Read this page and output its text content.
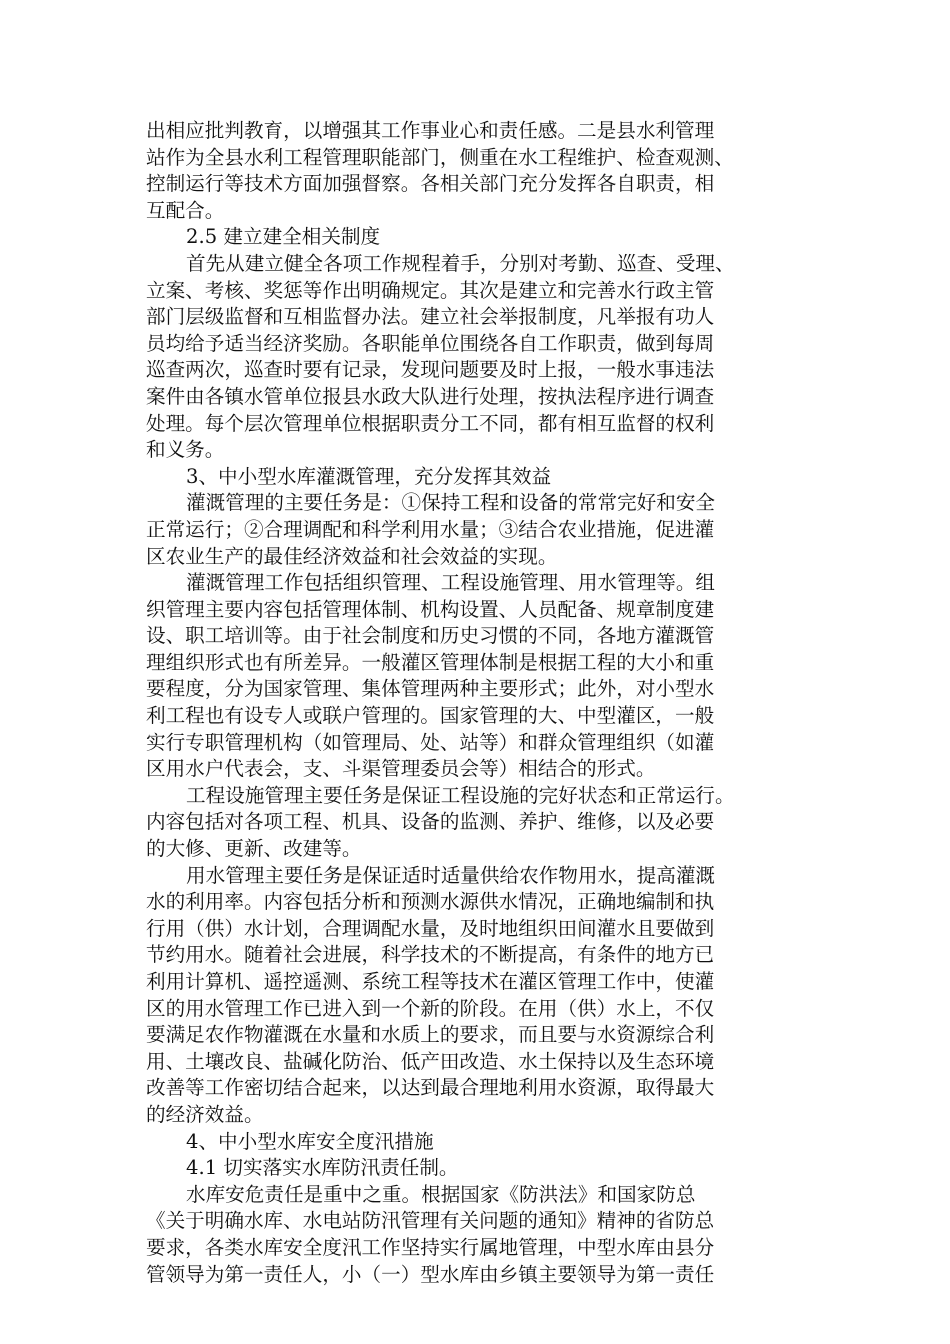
出相应批判教育，以增强其工作事业心和责任感。二是县水利管理
站作为全县水利工程管理职能部门，侧重在水工程维护、检查观测、
控制运行等技术方面加强督察。各相关部门充分发挥各自职责，相
互配合。
2.5 建立建全相关制度
首先从建立健全各项工作规程着手，分别对考勤、巡查、受理、
立案、考核、奖惩等作出明确规定。其次是建立和完善水行政主管
部门层级监督和互相监督办法。建立社会举报制度，凡举报有功人
员均给予适当经济奖励。各职能单位围绕各自工作职责，做到每周
巡查两次，巡查时要有记录，发现问题要及时上报，一般水事违法
案件由各镇水管单位报县水政大队进行处理，按执法程序进行调查
处理。每个层次管理单位根据职责分工不同，都有相互监督的权利
和义务。
3、中小型水库灌溉管理，充分发挥其效益
灌溉管理的主要任务是：①保持工程和设备的常常完好和安全
正常运行；②合理调配和科学利用水量；③结合农业措施，促进灌
区农业生产的最佳经济效益和社会效益的实现。
灌溉管理工作包括组织管理、工程设施管理、用水管理等。组
织管理主要内容包括管理体制、机构设置、人员配备、规章制度建
设、职工培训等。由于社会制度和历史习惯的不同，各地方灌溉管
理组织形式也有所差异。一般灌区管理体制是根据工程的大小和重
要程度，分为国家管理、集体管理两种主要形式；此外，对小型水
利工程也有设专人或联户管理的。国家管理的大、中型灌区，一般
实行专职管理机构（如管理局、处、站等）和群众管理组织（如灌
区用水户代表会，支、斗渠管理委员会等）相结合的形式。
工程设施管理主要任务是保证工程设施的完好状态和正常运行。
内容包括对各项工程、机具、设备的监测、养护、维修，以及必要
的大修、更新、改建等。
用水管理主要任务是保证适时适量供给农作物用水，提高灌溉
水的利用率。内容包括分析和预测水源供水情况，正确地编制和执
行用（供）水计划，合理调配水量，及时地组织田间灌水且要做到
节约用水。随着社会进展，科学技术的不断提高，有条件的地方已
利用计算机、遥控遥测、系统工程等技术在灌区管理工作中，使灌
区的用水管理工作已进入到一个新的阶段。在用（供）水上，不仅
要满足农作物灌溉在水量和水质上的要求，而且要与水资源综合利
用、土壤改良、盐碱化防治、低产田改造、水土保持以及生态环境
改善等工作密切结合起来，以达到最合理地利用水资源，取得最大
的经济效益。
4、中小型水库安全度汛措施
4.1 切实落实水库防汛责任制。
水库安危责任是重中之重。根据国家《防洪法》和国家防总
《关于明确水库、水电站防汛管理有关问题的通知》精神的省防总
要求，各类水库安全度汛工作坚持实行属地管理，中型水库由县分
管领导为第一责任人，小（一）型水库由乡镇主要领导为第一责任
